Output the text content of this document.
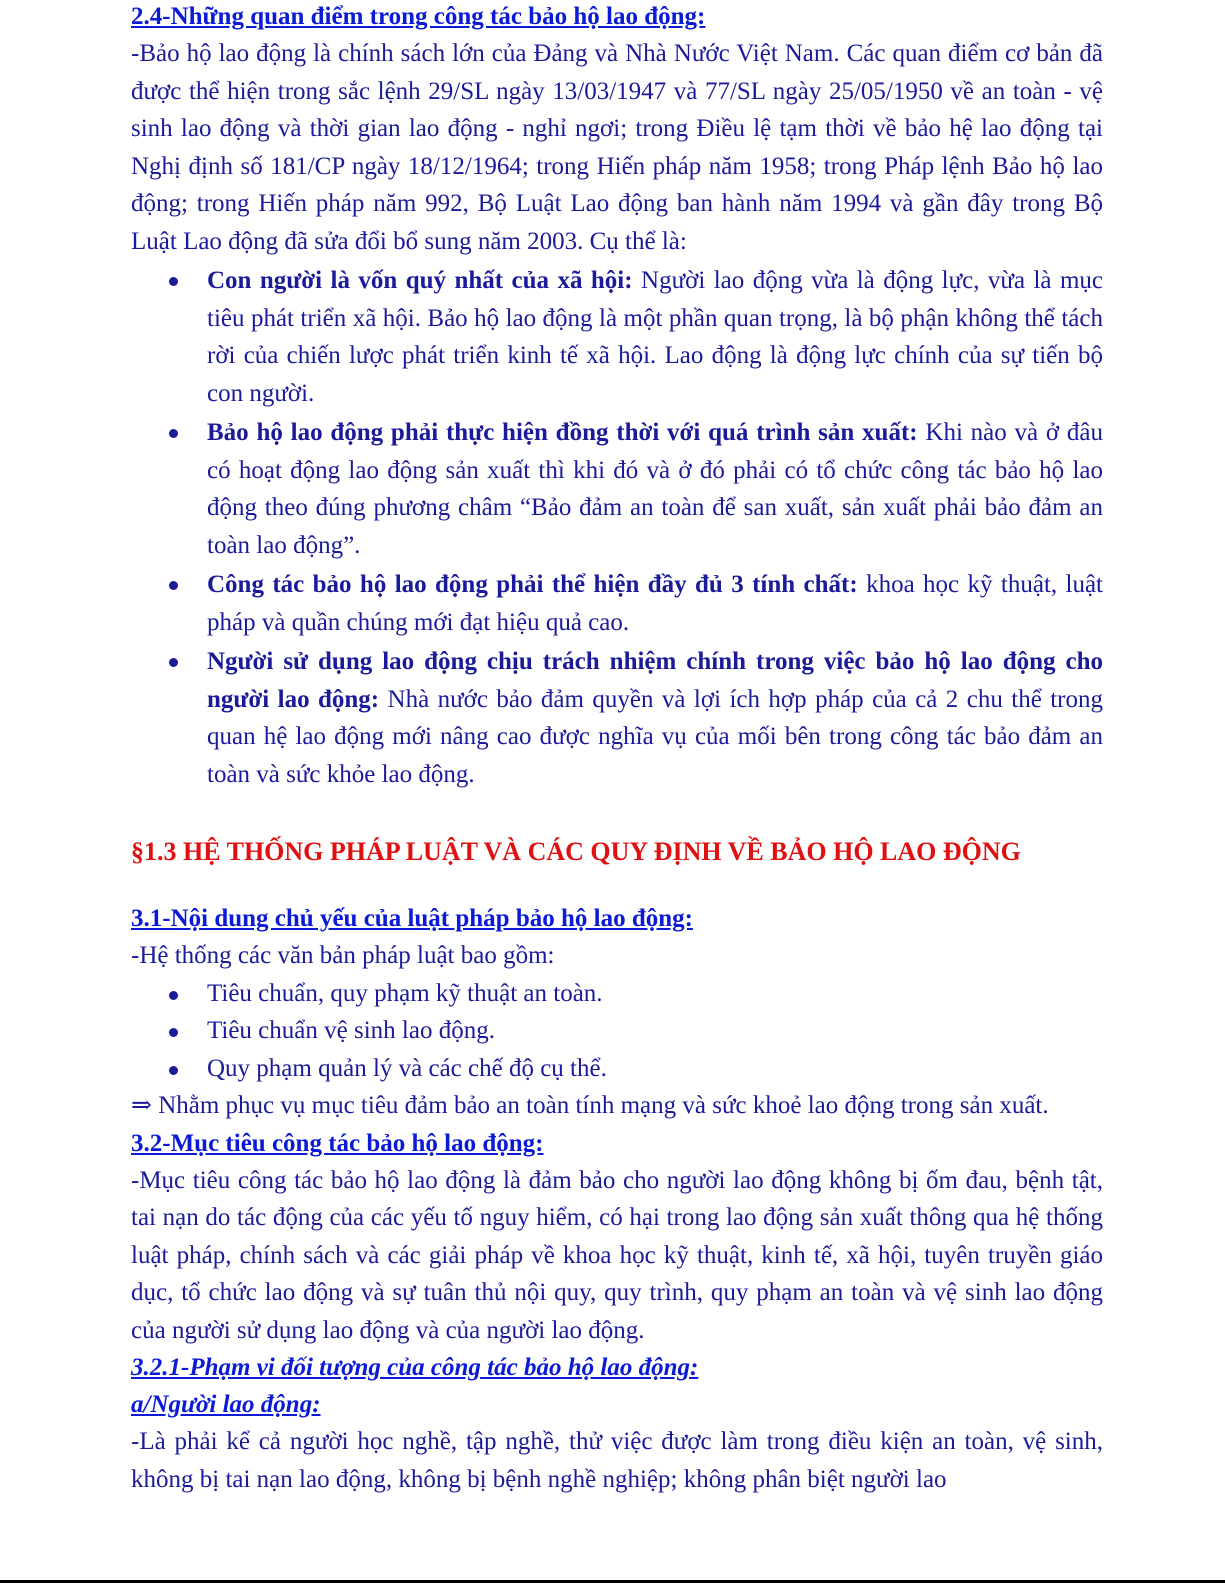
2.4-Những quan điểm trong công tác bảo hộ lao động:

-Bảo hộ lao động là chính sách lớn của Đảng và Nhà Nước Việt Nam. Các quan điểm cơ bản đã được thể hiện trong sắc lệnh 29/SL ngày 13/03/1947 và 77/SL ngày 25/05/1950 về an toàn - vệ sinh lao động và thời gian lao động - nghỉ ngơi; trong Điều lệ tạm thời về bảo hệ lao động tại Nghị định số 181/CP ngày 18/12/1964; trong Hiến pháp năm 1958; trong Pháp lệnh Bảo hộ lao động; trong Hiến pháp năm 992, Bộ Luật Lao động ban hành năm 1994 và gần đây trong Bộ Luật Lao động đã sửa đổi bổ sung năm 2003. Cụ thể là:

Con người là vốn quý nhất của xã hội: Người lao động vừa là động lực, vừa là mục tiêu phát triển xã hội. Bảo hộ lao động là một phần quan trọng, là bộ phận không thể tách rời của chiến lược phát triển kinh tế xã hội. Lao động là động lực chính của sự tiến bộ con người.
Bảo hộ lao động phải thực hiện đồng thời với quá trình sản xuất: Khi nào và ở đâu có hoạt động lao động sản xuất thì khi đó và ở đó phải có tổ chức công tác bảo hộ lao động theo đúng phương châm “Bảo đảm an toàn để san xuất, sản xuất phải bảo đảm an toàn lao động”.
Công tác bảo hộ lao động phải thể hiện đầy đủ 3 tính chất: khoa học kỹ thuật, luật pháp và quần chúng mới đạt hiệu quả cao.
Người sử dụng lao động chịu trách nhiệm chính trong việc bảo hộ lao động cho người lao động: Nhà nước bảo đảm quyền và lợi ích hợp pháp của cả 2 chu thể trong quan hệ lao động mới nâng cao được nghĩa vụ của mối bên trong công tác bảo đảm an toàn và sức khỏe lao động.

§1.3 HỆ THỐNG PHÁP LUẬT VÀ CÁC QUY ĐỊNH VỀ BẢO HỘ LAO ĐỘNG

3.1-Nội dung chủ yếu của luật pháp bảo hộ lao động:

-Hệ thống các văn bản pháp luật bao gồm:

Tiêu chuẩn, quy phạm kỹ thuật an toàn.
Tiêu chuẩn vệ sinh lao động.
Quy phạm quản lý và các chế độ cụ thể.

⇒ Nhằm phục vụ mục tiêu đảm bảo an toàn tính mạng và sức khoẻ lao động trong sản xuất.

3.2-Mục tiêu công tác bảo hộ lao động:

-Mục tiêu công tác bảo hộ lao động là đảm bảo cho người lao động không bị ốm đau, bệnh tật, tai nạn do tác động của các yếu tố nguy hiểm, có hại trong lao động sản xuất thông qua hệ thống luật pháp, chính sách và các giải pháp về khoa học kỹ thuật, kinh tế, xã hội, tuyên truyền giáo dục, tổ chức lao động và sự tuân thủ nội quy, quy trình, quy phạm an toàn và vệ sinh lao động của người sử dụng lao động và của người lao động.

3.2.1-Phạm vi đối tượng của công tác bảo hộ lao động:

a/Người lao động:

-Là phải kể cả người học nghề, tập nghề, thử việc được làm trong điều kiện an toàn, vệ sinh, không bị tai nạn lao động, không bị bệnh nghề nghiệp; không phân biệt người lao
